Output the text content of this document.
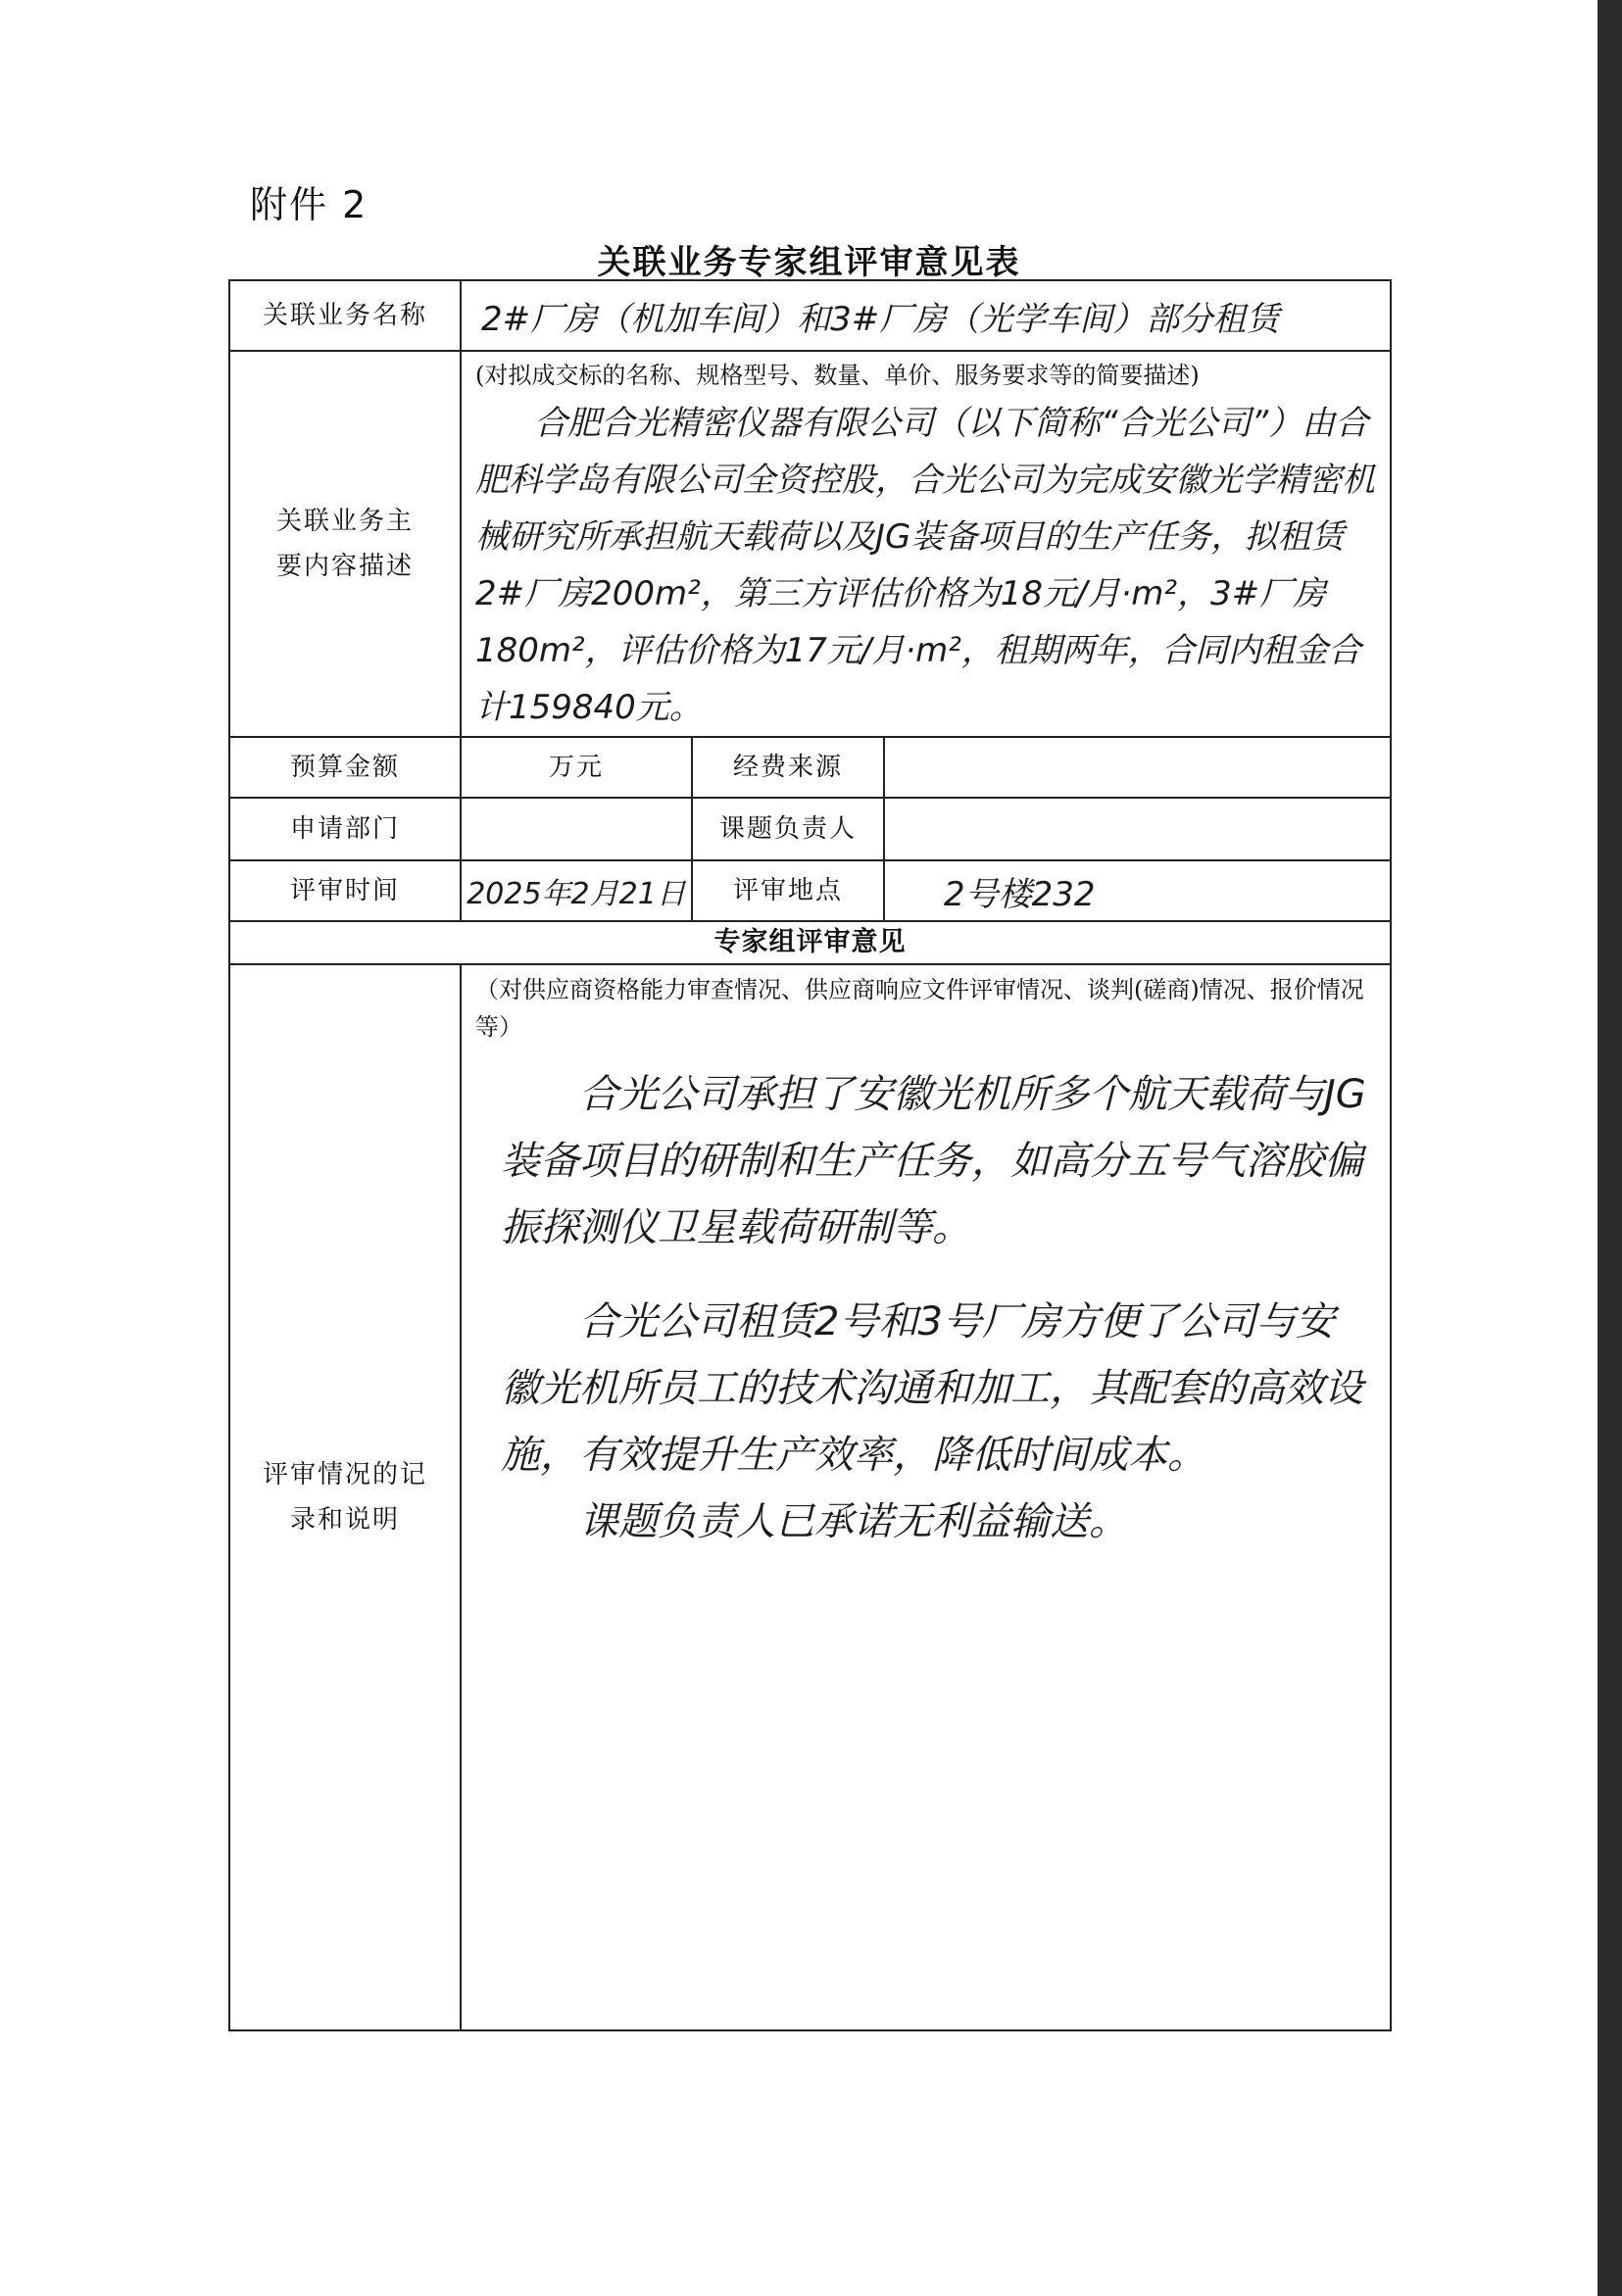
附件 2
关联业务专家组评审意见表
关联业务名称	2#厂房（机加车间）和3#厂房（光学车间）部分租赁		

关联业务主要内容描述	(对拟成交标的名称、规格型号、数量、单价、服务要求等的简要描述)
合肥合光精密仪器有限公司（以下简称“合光公司”）由合肥科学岛有限公司全资控股，合光公司为完成安徽光学精密机械研究所承担航天载荷以及JG装备项目的生产任务，拟租赁2#厂房200m²，第三方评估价格为18元/月·m²，3#厂房180m²，评估价格为17元/月·m²，租期两年，合同内租金合计159840元。		

预算金额	万元	经费来源	
申请部门		课题负责人	
评审时间	2025年2月21日	评审地点	2号楼232
专家组评审意见			

评审情况的记录和说明	（对供应商资格能力审查情况、供应商响应文件评审情况、谈判(磋商)情况、报价情况等）

合光公司承担了安徽光机所多个航天载荷与JG装备项目的研制和生产任务，如高分五号气溶胶偏振探测仪卫星载荷研制等。

合光公司租赁2号和3号厂房方便了公司与安徽光机所员工的技术沟通和加工，其配套的高效设施，有效提升生产效率，降低时间成本。

课题负责人已承诺无利益输送。		
